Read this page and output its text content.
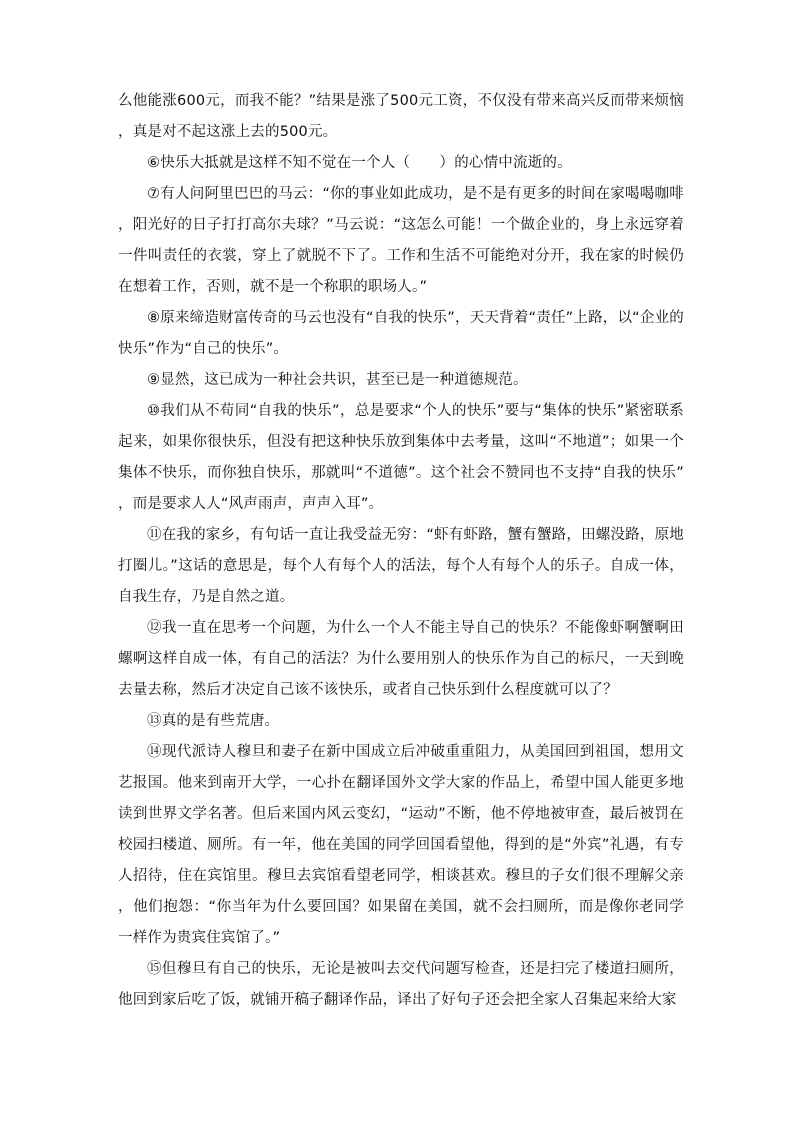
么他能涨600元，而我不能？”结果是涨了500元工资，不仅没有带来高兴反而带来烦恼，真是对不起这涨上去的500元。

⑥快乐大抵就是这样不知不觉在一个人（　　）的心情中流逝的。

⑦有人问阿里巴巴的马云：“你的事业如此成功，是不是有更多的时间在家喝喝咖啡，阳光好的日子打打高尔夫球？”马云说：“这怎么可能！一个做企业的，身上永远穿着一件叫责任的衣裳，穿上了就脱不下了。工作和生活不可能绝对分开，我在家的时候仍在想着工作，否则，就不是一个称职的职场人。”

⑧原来缔造财富传奇的马云也没有“自我的快乐”，天天背着“责任”上路，以“企业的快乐”作为“自己的快乐”。

⑨显然，这已成为一种社会共识，甚至已是一种道德规范。

⑩我们从不苟同“自我的快乐”，总是要求“个人的快乐”要与“集体的快乐”紧密联系起来，如果你很快乐，但没有把这种快乐放到集体中去考量，这叫“不地道”；如果一个集体不快乐，而你独自快乐，那就叫“不道德”。这个社会不赞同也不支持“自我的快乐”，而是要求人人“风声雨声，声声入耳”。

⑪在我的家乡，有句话一直让我受益无穷：“虾有虾路，蟹有蟹路，田螺没路，原地打圈儿。”这话的意思是，每个人有每个人的活法，每个人有每个人的乐子。自成一体，自我生存，乃是自然之道。

⑫我一直在思考一个问题，为什么一个人不能主导自己的快乐？不能像虾啊蟹啊田螺啊这样自成一体，有自己的活法？为什么要用别人的快乐作为自己的标尺，一天到晚去量去称，然后才决定自己该不该快乐，或者自己快乐到什么程度就可以了？

⑬真的是有些荒唐。

⑭现代派诗人穆旦和妻子在新中国成立后冲破重重阻力，从美国回到祖国，想用文艺报国。他来到南开大学，一心扑在翻译国外文学大家的作品上，希望中国人能更多地读到世界文学名著。但后来国内风云变幻，“运动”不断，他不停地被审查，最后被罚在校园扫楼道、厕所。有一年，他在美国的同学回国看望他，得到的是“外宾”礼遇，有专人招待，住在宾馆里。穆旦去宾馆看望老同学，相谈甚欢。穆旦的子女们很不理解父亲，他们抱怨：“你当年为什么要回国？如果留在美国，就不会扫厕所，而是像你老同学一样作为贵宾住宾馆了。”

⑮但穆旦有自己的快乐，无论是被叫去交代问题写检查，还是扫完了楼道扫厕所，他回到家后吃了饭，就铺开稿子翻译作品，译出了好句子还会把全家人召集起来给大家
